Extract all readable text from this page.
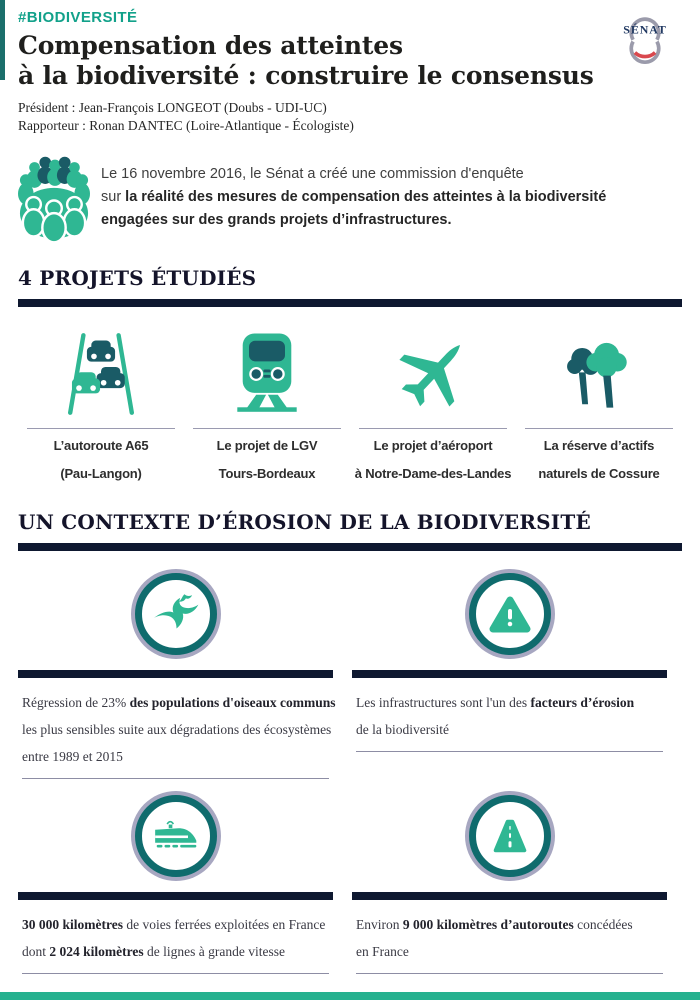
#BIODIVERSITÉ
Compensation des atteintes
à la biodiversité : construire le consensus
Président : Jean-François LONGEOT (Doubs - UDI-UC)
Rapporteur : Ronan DANTEC (Loire-Atlantique - Écologiste)
SÉNAT
Le 16 novembre 2016, le Sénat a créé une commission d'enquête
sur la réalité des mesures de compensation des atteintes à la biodiversité
engagées sur des grands projets d’infrastructures.
4 PROJETS ÉTUDIÉS
L’autoroute A65
(Pau-Langon)
Le projet de LGV
Tours-Bordeaux
Le projet d’aéroport
à Notre-Dame-des-Landes
La réserve d’actifs
naturels de Cossure
UN CONTEXTE D’ÉROSION DE LA BIODIVERSITÉ
Régression de 23% des populations d'oiseaux communs
les plus sensibles suite aux dégradations des écosystèmes
entre 1989 et 2015
Les infrastructures sont l'un des facteurs d’érosion
de la biodiversité
30 000 kilomètres de voies ferrées exploitées en France
dont 2 024 kilomètres de lignes à grande vitesse
Environ 9 000 kilomètres d’autoroutes concédées
en France
